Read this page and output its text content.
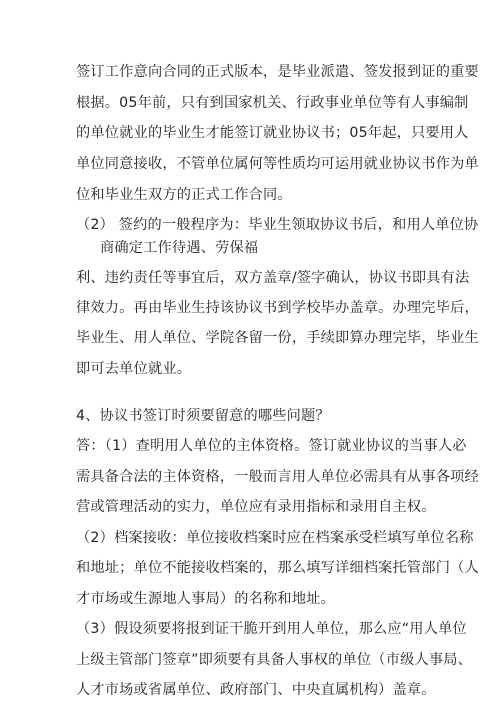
签订工作意向合同的正式版本，是毕业派遣、签发报到证的重要
根据。05年前，只有到国家机关、行政事业单位等有人事编制
的单位就业的毕业生才能签订就业协议书；05年起，只要用人
单位同意接收，不管单位属何等性质均可运用就业协议书作为单
位和毕业生双方的正式工作合同。
（2） 签约的一般程序为：毕业生领取协议书后，和用人单位协
商确定工作待遇、劳保福
利、违约责任等事宜后，双方盖章/签字确认，协议书即具有法
律效力。再由毕业生持该协议书到学校毕办盖章。办理完毕后，
毕业生、用人单位、学院各留一份，手续即算办理完毕，毕业生
即可去单位就业。
4、协议书签订时须要留意的哪些问题？
答：（1）查明用人单位的主体资格。签订就业协议的当事人必
需具备合法的主体资格，一般而言用人单位必需具有从事各项经
营或管理活动的实力，单位应有录用指标和录用自主权。
（2）档案接收：单位接收档案时应在档案承受栏填写单位名称
和地址；单位不能接收档案的，那么填写详细档案托管部门（人
才市场或生源地人事局）的名称和地址。
（3）假设须要将报到证干脆开到用人单位，那么应“用人单位
上级主管部门签章”即须要有具备人事权的单位（市级人事局、
人才市场或省属单位、政府部门、中央直属机构）盖章。
